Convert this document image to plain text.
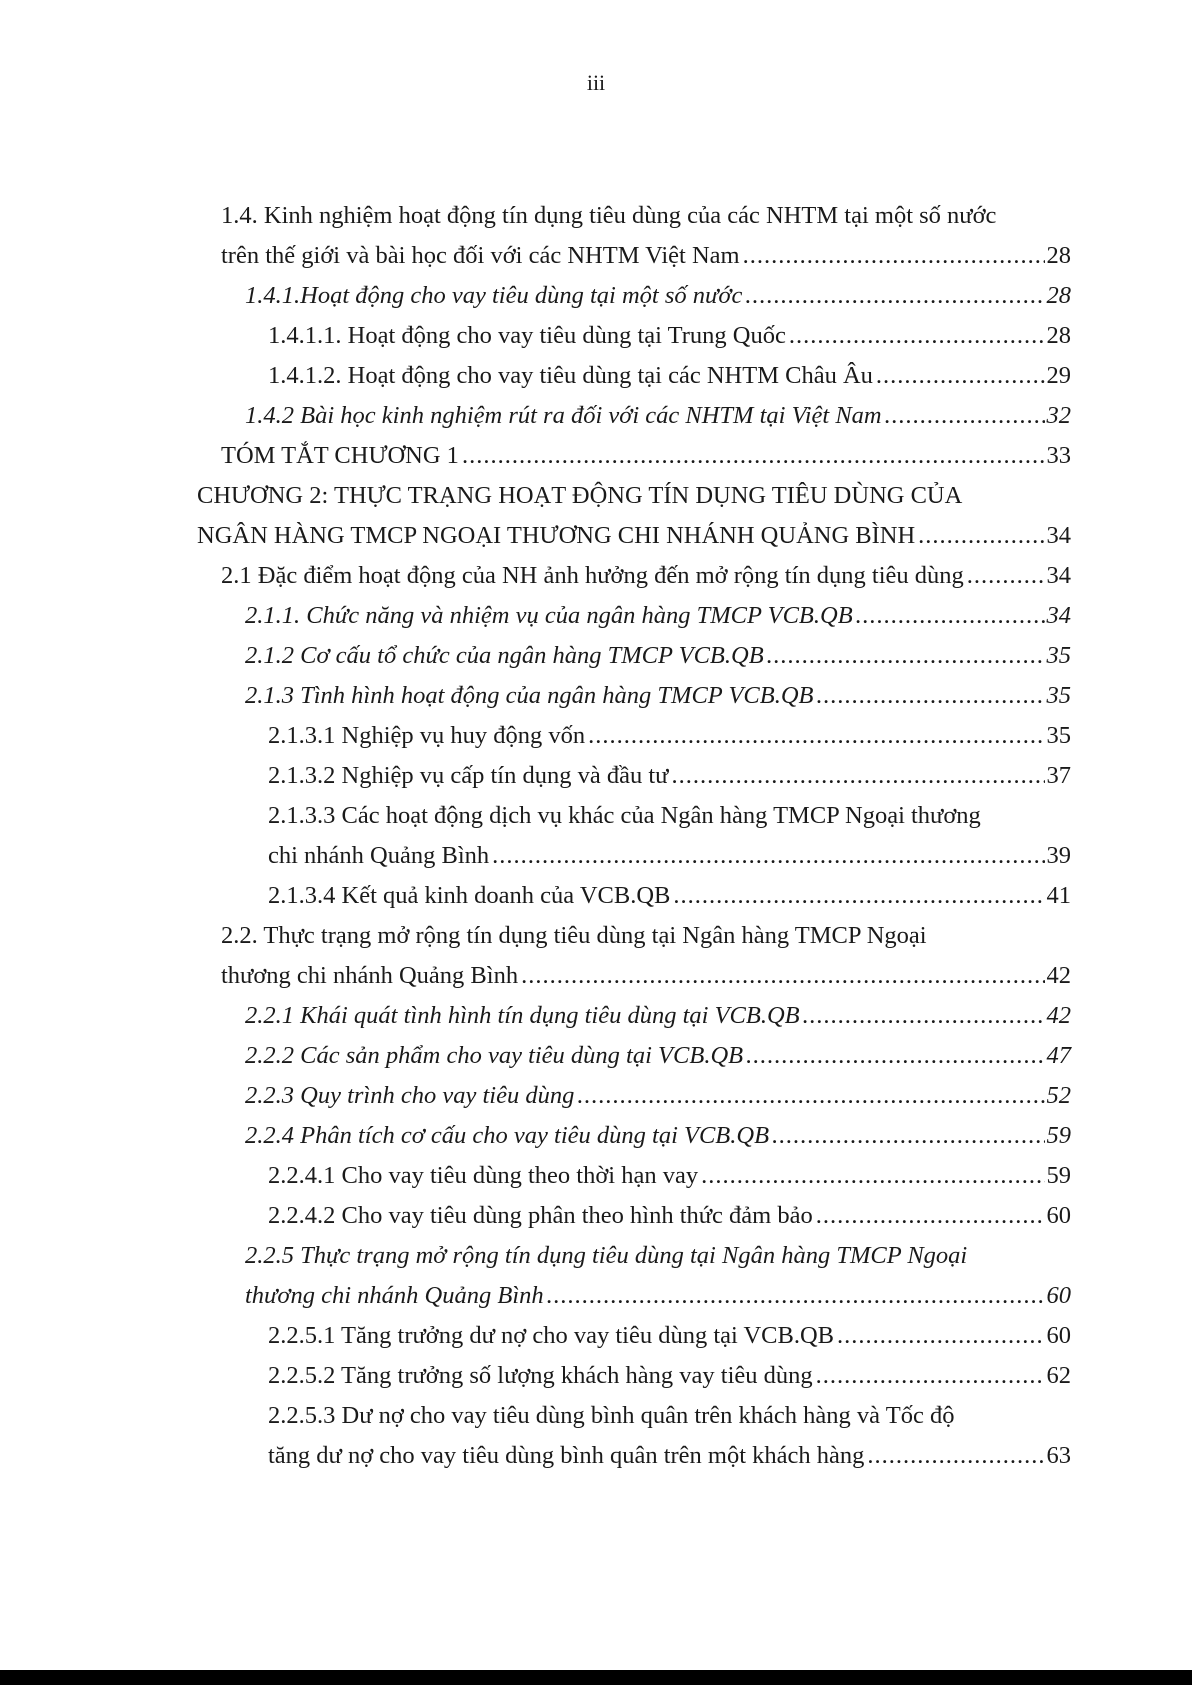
iii
1.4. Kinh nghiệm hoạt động tín dụng tiêu dùng của các NHTM tại một số nước
trên thế giới và bài học đối với các NHTM Việt Nam .....	28
1.4.1.Hoạt động cho vay tiêu dùng tại một số nước .....	28
1.4.1.1. Hoạt động cho vay tiêu dùng tại Trung Quốc .....	28
1.4.1.2. Hoạt động cho vay tiêu dùng tại các NHTM Châu Âu .....	29
1.4.2 Bài học kinh nghiệm rút ra đối với các NHTM tại Việt Nam .....	32
TÓM TẮT CHƯƠNG 1 .....	33
CHƯƠNG 2: THỰC TRẠNG HOẠT ĐỘNG TÍN DỤNG TIÊU DÙNG CỦA
NGÂN HÀNG TMCP NGOẠI THƯƠNG CHI NHÁNH QUẢNG BÌNH .....	34
2.1 Đặc điểm hoạt động của NH ảnh hưởng đến mở rộng tín dụng tiêu dùng .....	34
2.1.1. Chức năng và nhiệm vụ của ngân hàng TMCP VCB.QB .....	34
2.1.2 Cơ cấu tổ chức của ngân hàng TMCP VCB.QB .....	35
2.1.3 Tình hình hoạt động của ngân hàng TMCP VCB.QB .....	35
2.1.3.1 Nghiệp vụ huy động vốn .....	35
2.1.3.2 Nghiệp vụ cấp tín dụng và đầu tư .....	37
2.1.3.3 Các hoạt động dịch vụ khác của Ngân hàng TMCP Ngoại thương
chi nhánh Quảng Bình .....	39
2.1.3.4 Kết quả kinh doanh của VCB.QB .....	41
2.2. Thực trạng mở rộng tín dụng tiêu dùng tại Ngân hàng TMCP Ngoại
thương chi nhánh Quảng Bình .....	42
2.2.1 Khái quát tình hình tín dụng tiêu dùng tại VCB.QB .....	42
2.2.2 Các sản phẩm cho vay tiêu dùng tại VCB.QB .....	47
2.2.3 Quy trình cho vay tiêu dùng .....	52
2.2.4 Phân tích cơ cấu cho vay tiêu dùng tại VCB.QB .....	59
2.2.4.1 Cho vay tiêu dùng theo thời hạn vay .....	59
2.2.4.2 Cho vay tiêu dùng phân theo hình thức đảm bảo .....	60
2.2.5 Thực trạng mở rộng tín dụng tiêu dùng tại Ngân hàng TMCP Ngoại
thương chi nhánh Quảng Bình .....	60
2.2.5.1 Tăng trưởng dư nợ cho vay tiêu dùng tại VCB.QB .....	60
2.2.5.2 Tăng trưởng số lượng khách hàng vay tiêu dùng .....	62
2.2.5.3 Dư nợ cho vay tiêu dùng bình quân trên khách hàng và Tốc độ
tăng dư nợ cho vay tiêu dùng bình quân trên một khách hàng .....	63
